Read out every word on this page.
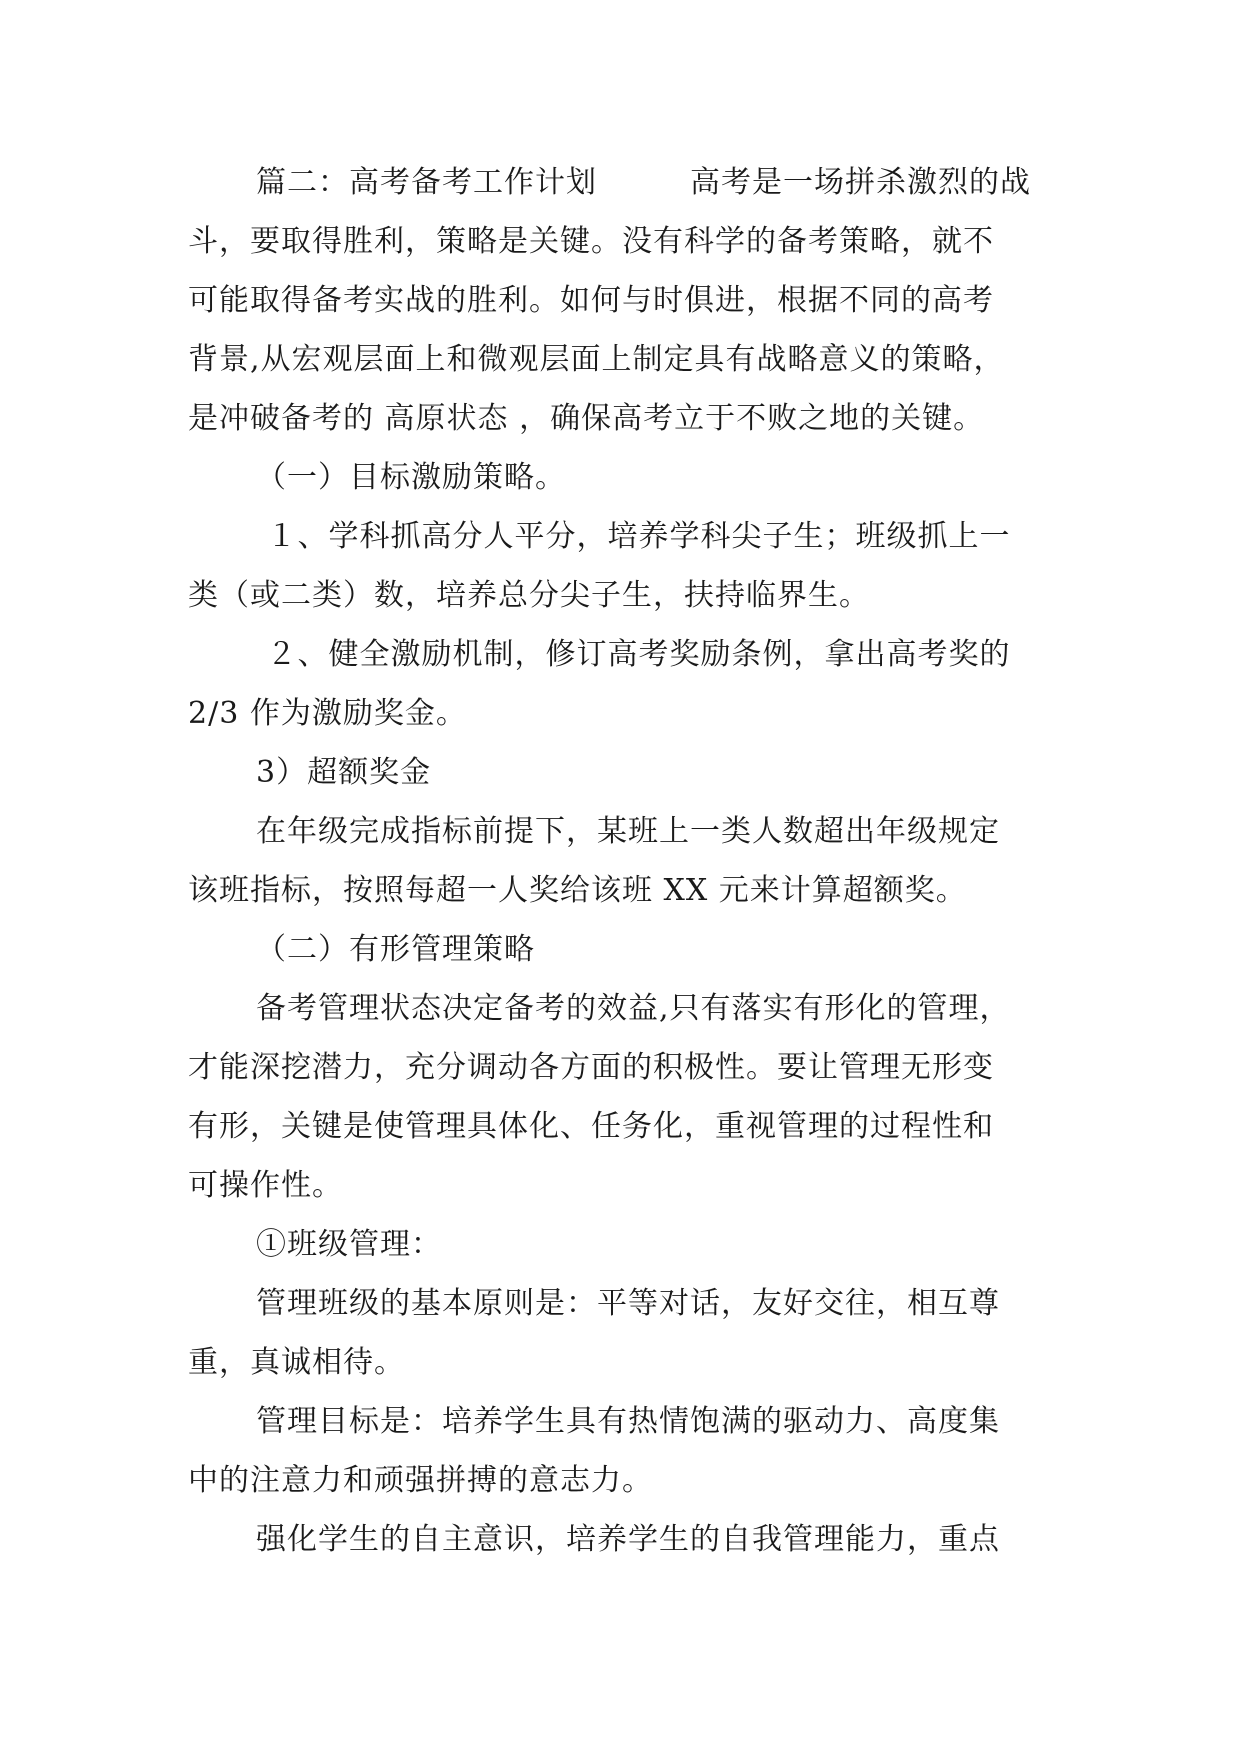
篇二：高考备考工作计划　　　高考是一场拼杀激烈的战
斗，要取得胜利，策略是关键。没有科学的备考策略，就不
可能取得备考实战的胜利。如何与时俱进，根据不同的高考
背景,从宏观层面上和微观层面上制定具有战略意义的策略，
是冲破备考的 高原状态 ，确保高考立于不败之地的关键。
（一）目标激励策略。
１、学科抓高分人平分，培养学科尖子生；班级抓上一
类（或二类）数，培养总分尖子生，扶持临界生。
２、健全激励机制，修订高考奖励条例，拿出高考奖的
2/3 作为激励奖金。
3）超额奖金
在年级完成指标前提下，某班上一类人数超出年级规定
该班指标，按照每超一人奖给该班 XX 元来计算超额奖。
（二）有形管理策略
备考管理状态决定备考的效益,只有落实有形化的管理，
才能深挖潜力，充分调动各方面的积极性。要让管理无形变
有形，关键是使管理具体化、任务化，重视管理的过程性和
可操作性。
①班级管理：
管理班级的基本原则是：平等对话，友好交往，相互尊
重，真诚相待。
管理目标是：培养学生具有热情饱满的驱动力、高度集
中的注意力和顽强拼搏的意志力。
强化学生的自主意识，培养学生的自我管理能力，重点
